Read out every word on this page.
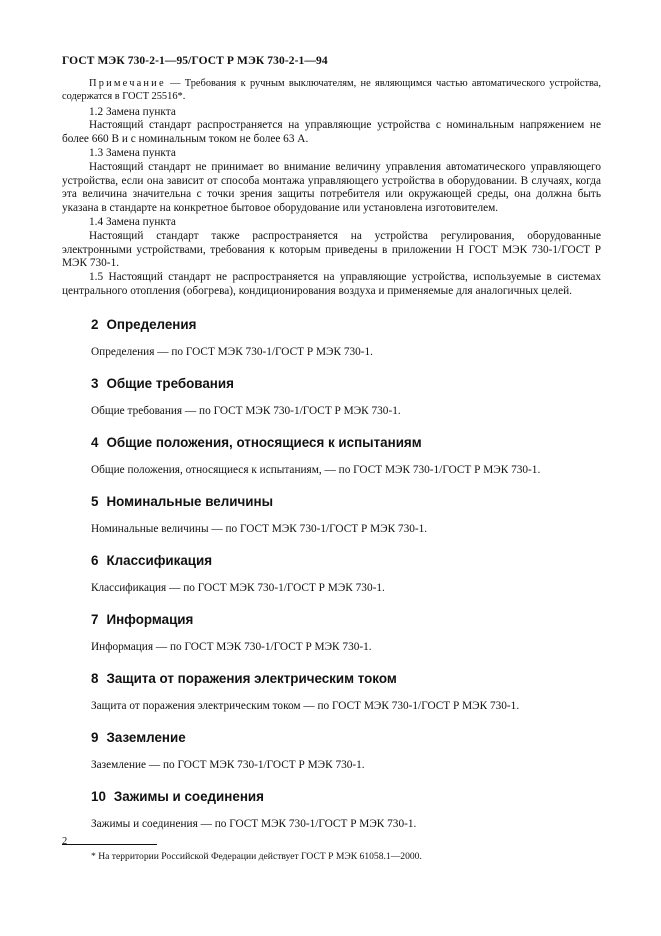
ГОСТ МЭК 730-2-1—95/ГОСТ Р МЭК 730-2-1—94
Примечание — Требования к ручным выключателям, не являющимся частью автоматического устройства, содержатся в ГОСТ 25516*.
1.2 Замена пункта
Настоящий стандарт распространяется на управляющие устройства с номинальным напряжением не более 660 В и с номинальным током не более 63 А.
1.3 Замена пункта
Настоящий стандарт не принимает во внимание величину управления автоматического управляющего устройства, если она зависит от способа монтажа управляющего устройства в оборудовании. В случаях, когда эта величина значительна с точки зрения защиты потребителя или окружающей среды, она должна быть указана в стандарте на конкретное бытовое оборудование или установлена изготовителем.
1.4 Замена пункта
Настоящий стандарт также распространяется на устройства регулирования, оборудованные электронными устройствами, требования к которым приведены в приложении Н ГОСТ МЭК 730-1/ГОСТ Р МЭК 730-1.
1.5 Настоящий стандарт не распространяется на управляющие устройства, используемые в системах центрального отопления (обогрева), кондиционирования воздуха и применяемые для аналогичных целей.
2 Определения
Определения — по ГОСТ МЭК 730-1/ГОСТ Р МЭК 730-1.
3 Общие требования
Общие требования — по ГОСТ МЭК 730-1/ГОСТ Р МЭК 730-1.
4 Общие положения, относящиеся к испытаниям
Общие положения, относящиеся к испытаниям, — по ГОСТ МЭК 730-1/ГОСТ Р МЭК 730-1.
5 Номинальные величины
Номинальные величины — по ГОСТ МЭК 730-1/ГОСТ Р МЭК 730-1.
6 Классификация
Классификация — по ГОСТ МЭК 730-1/ГОСТ Р МЭК 730-1.
7 Информация
Информация — по ГОСТ МЭК 730-1/ГОСТ Р МЭК 730-1.
8 Защита от поражения электрическим током
Защита от поражения электрическим током — по ГОСТ МЭК 730-1/ГОСТ Р МЭК 730-1.
9 Заземление
Заземление — по ГОСТ МЭК 730-1/ГОСТ Р МЭК 730-1.
10 Зажимы и соединения
Зажимы и соединения — по ГОСТ МЭК 730-1/ГОСТ Р МЭК 730-1.
* На территории Российской Федерации действует ГОСТ Р МЭК 61058.1—2000.
2
